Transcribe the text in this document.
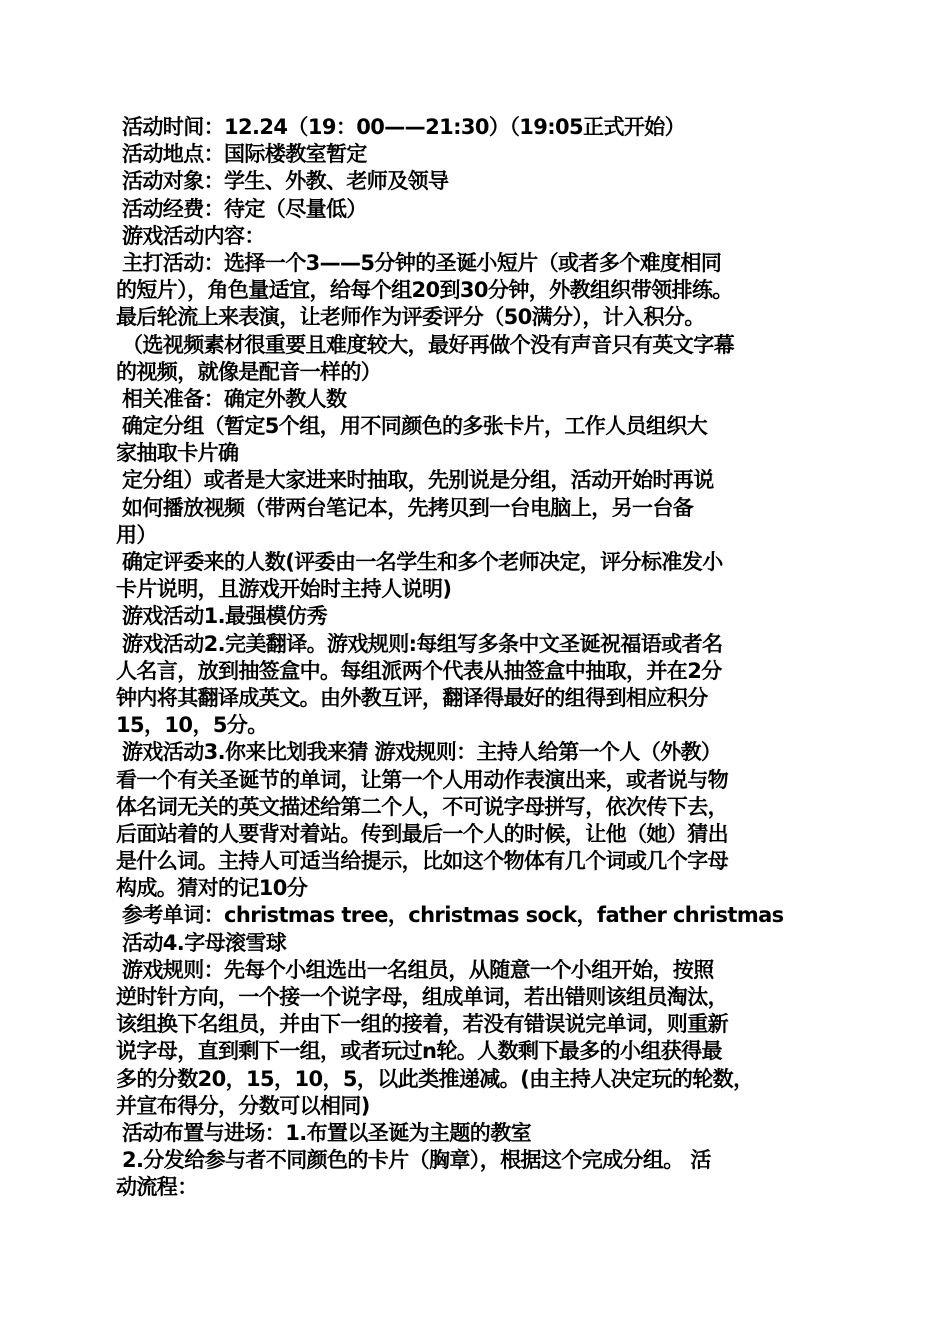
活动时间：12.24（19：00——21:30）（19:05正式开始）
活动地点：国际楼教室暂定
活动对象：学生、外教、老师及领导
活动经费：待定（尽量低）
游戏活动内容：
主打活动：选择一个3——5分钟的圣诞小短片（或者多个难度相同
的短片），角色量适宜，给每个组20到30分钟，外教组织带领排练。
最后轮流上来表演，让老师作为评委评分（50满分），计入积分。
（选视频素材很重要且难度较大，最好再做个没有声音只有英文字幕
的视频，就像是配音一样的）
相关准备：确定外教人数
确定分组（暂定5个组，用不同颜色的多张卡片，工作人员组织大
家抽取卡片确
定分组）或者是大家进来时抽取，先别说是分组，活动开始时再说
如何播放视频（带两台笔记本，先拷贝到一台电脑上，另一台备
用）
确定评委来的人数(评委由一名学生和多个老师决定，评分标准发小
卡片说明，且游戏开始时主持人说明)
游戏活动1.最强模仿秀
游戏活动2.完美翻译。游戏规则:每组写多条中文圣诞祝福语或者名
人名言，放到抽签盒中。每组派两个代表从抽签盒中抽取，并在2分
钟内将其翻译成英文。由外教互评，翻译得最好的组得到相应积分
15，10，5分。
游戏活动3.你来比划我来猜 游戏规则：主持人给第一个人（外教）
看一个有关圣诞节的单词，让第一个人用动作表演出来，或者说与物
体名词无关的英文描述给第二个人，不可说字母拼写，依次传下去，
后面站着的人要背对着站。传到最后一个人的时候，让他（她）猜出
是什么词。主持人可适当给提示，比如这个物体有几个词或几个字母
构成。猜对的记10分
参考单词：christmas tree，christmas sock，father christmas
活动4.字母滚雪球
游戏规则：先每个小组选出一名组员，从随意一个小组开始，按照
逆时针方向，一个接一个说字母，组成单词，若出错则该组员淘汰，
该组换下名组员，并由下一组的接着，若没有错误说完单词，则重新
说字母，直到剩下一组，或者玩过n轮。人数剩下最多的小组获得最
多的分数20，15，10，5，以此类推递减。(由主持人决定玩的轮数，
并宣布得分，分数可以相同)
活动布置与进场：1.布置以圣诞为主题的教室
2.分发给参与者不同颜色的卡片（胸章），根据这个完成分组。 活
动流程：
